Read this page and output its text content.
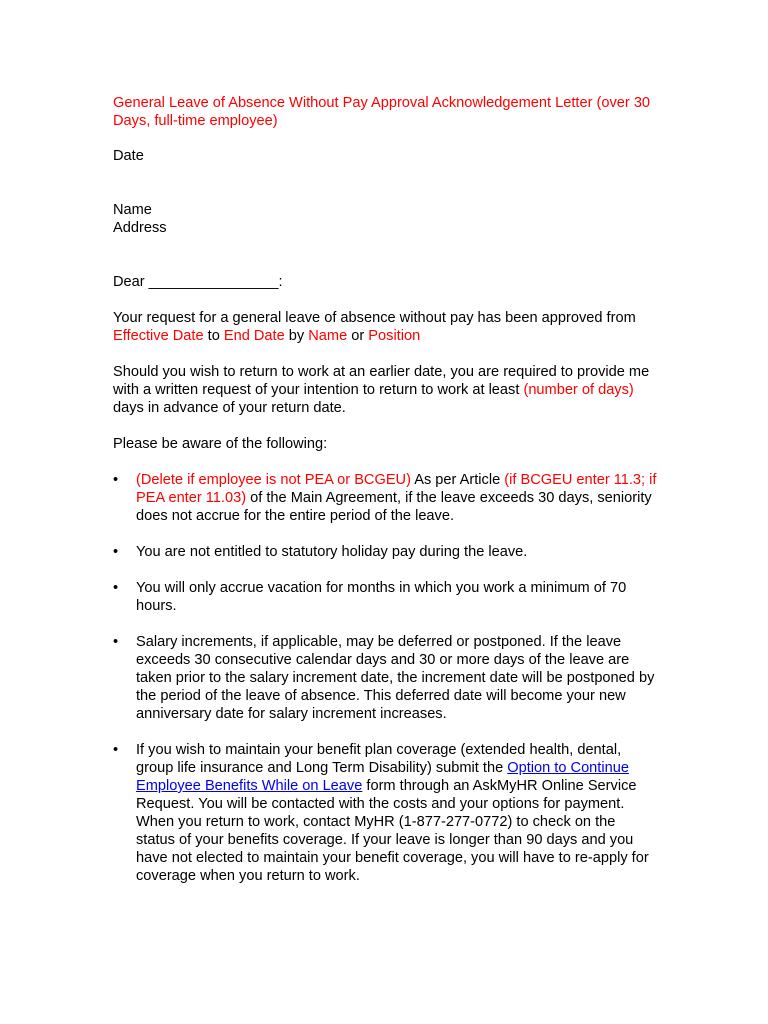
General Leave of Absence Without Pay Approval Acknowledgement Letter (over 30 Days, full-time employee)

Date

Name

Address

Dear ________________:

Your request for a general leave of absence without pay has been approved from Effective Date to End Date by Name or Position

Should you wish to return to work at an earlier date, you are required to provide me with a written request of your intention to return to work at least (number of days) days in advance of your return date.

Please be aware of the following:

• (Delete if employee is not PEA or BCGEU) As per Article (if BCGEU enter 11.3; if PEA enter 11.03) of the Main Agreement, if the leave exceeds 30 days, seniority does not accrue for the entire period of the leave.
• You are not entitled to statutory holiday pay during the leave.
• You will only accrue vacation for months in which you work a minimum of 70 hours.
• Salary increments, if applicable, may be deferred or postponed. If the leave exceeds 30 consecutive calendar days and 30 or more days of the leave are taken prior to the salary increment date, the increment date will be postponed by the period of the leave of absence. This deferred date will become your new anniversary date for salary increment increases.
• If you wish to maintain your benefit plan coverage (extended health, dental, group life insurance and Long Term Disability) submit the Option to Continue Employee Benefits While on Leave form through an AskMyHR Online Service Request. You will be contacted with the costs and your options for payment. When you return to work, contact MyHR (1-877-277-0772) to check on the status of your benefits coverage. If your leave is longer than 90 days and you have not elected to maintain your benefit coverage, you will have to re-apply for coverage when you return to work.
